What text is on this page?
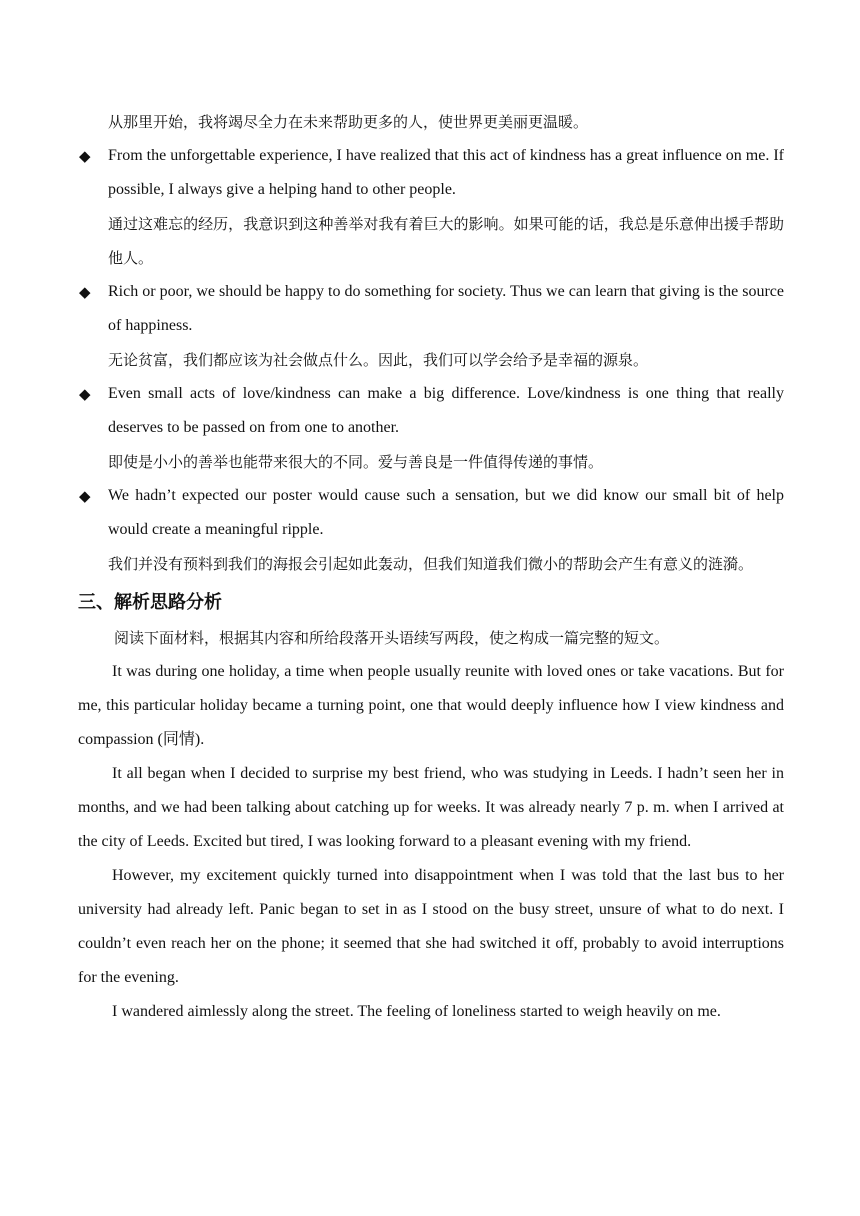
从那里开始，我将竭尽全力在未来帮助更多的人，使世界更美丽更温暖。

◆ From the unforgettable experience, I have realized that this act of kindness has a great influence on me. If possible, I always give a helping hand to other people.

通过这难忘的经历，我意识到这种善举对我有着巨大的影响。如果可能的话，我总是乐意伸出援手帮助他人。

◆ Rich or poor, we should be happy to do something for society. Thus we can learn that giving is the source of happiness.

无论贫富，我们都应该为社会做点什么。因此，我们可以学会给予是幸福的源泉。

◆ Even small acts of love/kindness can make a big difference. Love/kindness is one thing that really deserves to be passed on from one to another.

即使是小小的善举也能带来很大的不同。爱与善良是一件值得传递的事情。

◆ We hadn’t expected our poster would cause such a sensation, but we did know our small bit of help would create a meaningful ripple.

我们并没有预料到我们的海报会引起如此轰动，但我们知道我们微小的帮助会产生有意义的涟漪。

三、解析思路分析

阅读下面材料，根据其内容和所给段落开头语续写两段，使之构成一篇完整的短文。

It was during one holiday, a time when people usually reunite with loved ones or take vacations. But for me, this particular holiday became a turning point, one that would deeply influence how I view kindness and compassion (同情).

It all began when I decided to surprise my best friend, who was studying in Leeds. I hadn’t seen her in months, and we had been talking about catching up for weeks. It was already nearly 7 p. m. when I arrived at the city of Leeds. Excited but tired, I was looking forward to a pleasant evening with my friend.

However, my excitement quickly turned into disappointment when I was told that the last bus to her university had already left. Panic began to set in as I stood on the busy street, unsure of what to do next. I couldn’t even reach her on the phone; it seemed that she had switched it off, probably to avoid interruptions for the evening.

I wandered aimlessly along the street. The feeling of loneliness started to weigh heavily on me.
